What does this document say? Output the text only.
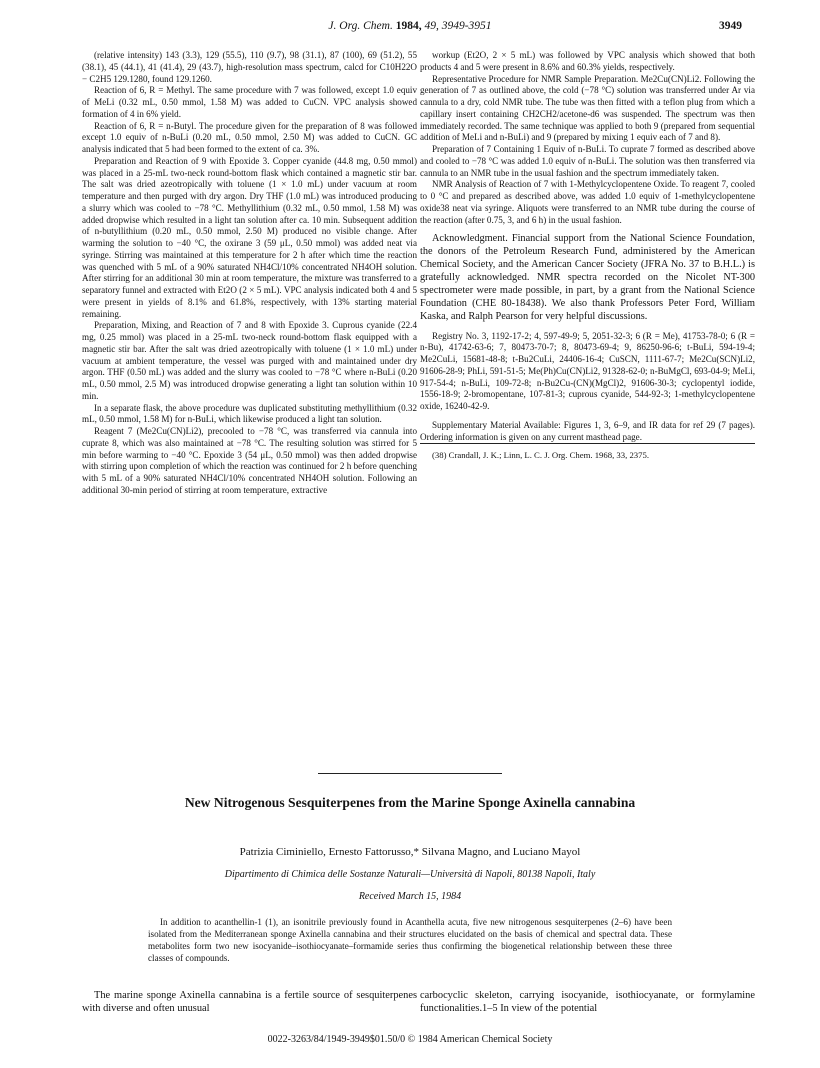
J. Org. Chem. 1984, 49, 3949-3951	3949

(relative intensity) 143 (3.3), 129 (55.5), 110 (9.7), 98 (31.1), 87 (100), 69 (51.2), 55 (38.1), 45 (44.1), 41 (41.4), 29 (43.7), high-resolution mass spectrum, calcd for C10H22O − C2H5 129.1280, found 129.1260.

Reaction of 6, R = Methyl. The same procedure with 7 was followed, except 1.0 equiv of MeLi (0.32 mL, 0.50 mmol, 1.58 M) was added to CuCN. VPC analysis showed formation of 4 in 6% yield.

Reaction of 6, R = n-Butyl. The procedure given for the preparation of 8 was followed except 1.0 equiv of n-BuLi (0.20 mL, 0.50 mmol, 2.50 M) was added to CuCN. GC analysis indicated that 5 had been formed to the extent of ca. 3%.

Preparation and Reaction of 9 with Epoxide 3. Copper cyanide (44.8 mg, 0.50 mmol) was placed in a 25-mL two-neck round-bottom flask which contained a magnetic stir bar. The salt was dried azeotropically with toluene (1 × 1.0 mL) under vacuum at room temperature and then purged with dry argon. Dry THF (1.0 mL) was introduced producing a slurry which was cooled to −78 °C. Methyllithium (0.32 mL, 0.50 mmol, 1.58 M) was added dropwise which resulted in a light tan solution after ca. 10 min. Subsequent addition of n-butyllithium (0.20 mL, 0.50 mmol, 2.50 M) produced no visible change. After warming the solution to −40 °C, the oxirane 3 (59 μL, 0.50 mmol) was added neat via syringe. Stirring was maintained at this temperature for 2 h after which time the reaction was quenched with 5 mL of a 90% saturated NH4Cl/10% concentrated NH4OH solution. After stirring for an additional 30 min at room temperature, the mixture was transferred to a separatory funnel and extracted with Et2O (2 × 5 mL). VPC analysis indicated both 4 and 5 were present in yields of 8.1% and 61.8%, respectively, with 13% starting material remaining.

Preparation, Mixing, and Reaction of 7 and 8 with Epoxide 3. Cuprous cyanide (22.4 mg, 0.25 mmol) was placed in a 25-mL two-neck round-bottom flask equipped with a magnetic stir bar. After the salt was dried azeotropically with toluene (1 × 1.0 mL) under vacuum at ambient temperature, the vessel was purged with and maintained under dry argon. THF (0.50 mL) was added and the slurry was cooled to −78 °C where n-BuLi (0.20 mL, 0.50 mmol, 2.5 M) was introduced dropwise generating a light tan solution within 10 min.

In a separate flask, the above procedure was duplicated substituting methyllithium (0.32 mL, 0.50 mmol, 1.58 M) for n-BuLi, which likewise produced a light tan solution.

Reagent 7 (Me2Cu(CN)Li2), precooled to −78 °C, was transferred via cannula into cuprate 8, which was also maintained at −78 °C. The resulting solution was stirred for 5 min before warming to −40 °C. Epoxide 3 (54 μL, 0.50 mmol) was then added dropwise with stirring upon completion of which the reaction was continued for 2 h before quenching with 5 mL of a 90% saturated NH4Cl/10% concentrated NH4OH solution. Following an additional 30-min period of stirring at room temperature, extractive

workup (Et2O, 2 × 5 mL) was followed by VPC analysis which showed that both products 4 and 5 were present in 8.6% and 60.3% yields, respectively.

Representative Procedure for NMR Sample Preparation. Me2Cu(CN)Li2. Following the generation of 7 as outlined above, the cold (−78 °C) solution was transferred under Ar via cannula to a dry, cold NMR tube. The tube was then fitted with a teflon plug from which a capillary insert containing CH2CH2/acetone-d6 was suspended. The spectrum was then immediately recorded. The same technique was applied to both 9 (prepared from sequential addition of MeLi and n-BuLi) and 9 (prepared by mixing 1 equiv each of 7 and 8).

Preparation of 7 Containing 1 Equiv of n-BuLi. To cuprate 7 formed as described above and cooled to −78 °C was added 1.0 equiv of n-BuLi. The solution was then transferred via cannula to an NMR tube in the usual fashion and the spectrum immediately taken.

NMR Analysis of Reaction of 7 with 1-Methylcyclopentene Oxide. To reagent 7, cooled to 0 °C and prepared as described above, was added 1.0 equiv of 1-methylcyclopentene oxide38 neat via syringe. Aliquots were transferred to an NMR tube during the course of the reaction (after 0.75, 3, and 6 h) in the usual fashion.

Acknowledgment. Financial support from the National Science Foundation, the donors of the Petroleum Research Fund, administered by the American Chemical Society, and the American Cancer Society (JFRA No. 37 to B.H.L.) is gratefully acknowledged. NMR spectra recorded on the Nicolet NT-300 spectrometer were made possible, in part, by a grant from the National Science Foundation (CHE 80-18438). We also thank Professors Peter Ford, William Kaska, and Ralph Pearson for very helpful discussions.

Registry No. 3, 1192-17-2; 4, 597-49-9; 5, 2051-32-3; 6 (R = Me), 41753-78-0; 6 (R = n-Bu), 41742-63-6; 7, 80473-70-7; 8, 80473-69-4; 9, 86250-96-6; t-BuLi, 594-19-4; Me2CuLi, 15681-48-8; t-Bu2CuLi, 24406-16-4; CuSCN, 1111-67-7; Me2Cu(SCN)Li2, 91606-28-9; PhLi, 591-51-5; Me(Ph)Cu(CN)Li2, 91328-62-0; n-BuMgCl, 693-04-9; MeLi, 917-54-4; n-BuLi, 109-72-8; n-Bu2Cu-(CN)(MgCl)2, 91606-30-3; cyclopentyl iodide, 1556-18-9; 2-bromopentane, 107-81-3; cuprous cyanide, 544-92-3; 1-methylcyclopentene oxide, 16240-42-9.

Supplementary Material Available: Figures 1, 3, 6–9, and IR data for ref 29 (7 pages). Ordering information is given on any current masthead page.

(38) Crandall, J. K.; Linn, L. C. J. Org. Chem. 1968, 33, 2375.

New Nitrogenous Sesquiterpenes from the Marine Sponge Axinella cannabina
Patrizia Ciminiello, Ernesto Fattorusso,* Silvana Magno, and Luciano Mayol
Dipartimento di Chimica delle Sostanze Naturali—Università di Napoli, 80138 Napoli, Italy
Received March 15, 1984

In addition to acanthellin-1 (1), an isonitrile previously found in Acanthella acuta, five new nitrogenous sesquiterpenes (2–6) have been isolated from the Mediterranean sponge Axinella cannabina and their structures elucidated on the basis of chemical and spectral data. These metabolites form two new isocyanide–isothiocyanate–formamide series thus confirming the biogenetical relationship between these three classes of compounds.

The marine sponge Axinella cannabina is a fertile source of sesquiterpenes with diverse and often unusual

carbocyclic skeleton, carrying isocyanide, isothiocyanate, or formylamine functionalities.1–5 In view of the potential

0022-3263/84/1949-3949$01.50/0 © 1984 American Chemical Society
